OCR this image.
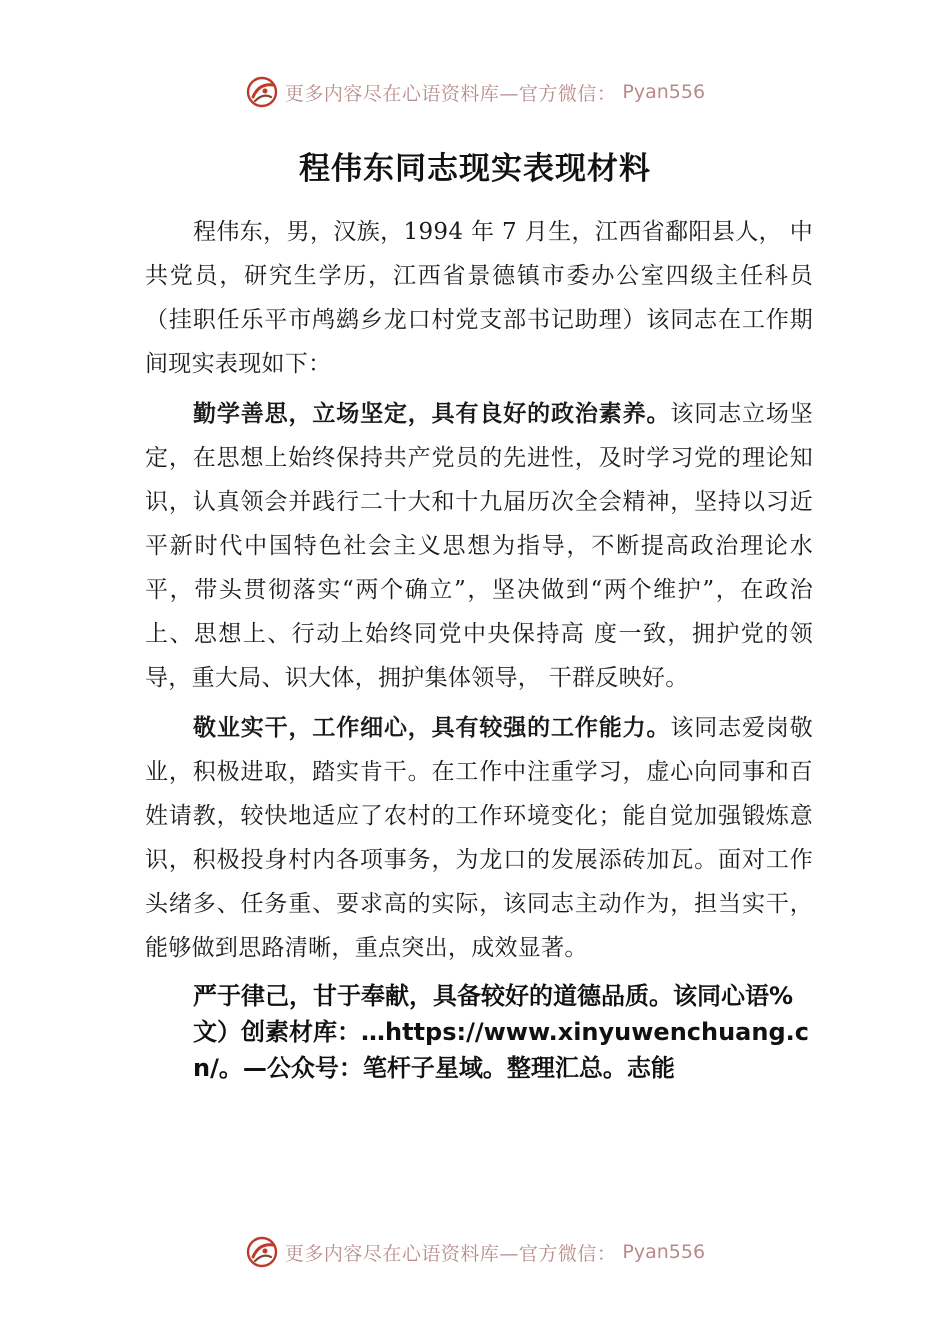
更多内容尽在心语资料库—官方微信： Pyan556
程伟东同志现实表现材料

程伟东，男，汉族，1994 年 7 月生，江西省鄱阳县人， 中共党员，研究生学历，江西省景德镇市委办公室四级主任科员（挂职任乐平市鸬鹚乡龙口村党支部书记助理）该同志在工作期间现实表现如下：

勤学善思，立场坚定，具有良好的政治素养。该同志立场坚定，在思想上始终保持共产党员的先进性，及时学习党的理论知识，认真领会并践行二十大和十九届历次全会精神，坚持以习近平新时代中国特色社会主义思想为指导，不断提高政治理论水平，带头贯彻落实“两个确立”，坚决做到“两个维护”，在政治上、思想上、行动上始终同党中央保持高 度一致，拥护党的领导，重大局、识大体，拥护集体领导， 干群反映好。

敬业实干，工作细心，具有较强的工作能力。该同志爱岗敬业，积极进取，踏实肯干。在工作中注重学习，虚心向同事和百姓请教，较快地适应了农村的工作环境变化；能自觉加强锻炼意识，积极投身村内各项事务，为龙口的发展添砖加瓦。面对工作头绪多、任务重、要求高的实际，该同志主动作为，担当实干，能够做到思路清晰，重点突出，成效显著。

严于律己，甘于奉献，具备较好的道德品质。该同心语%文）创素材库：…https://www.xinyuwenchuang.cn/。—公众号：笔杆子星域。整理汇总。志能

更多内容尽在心语资料库—官方微信： Pyan556
